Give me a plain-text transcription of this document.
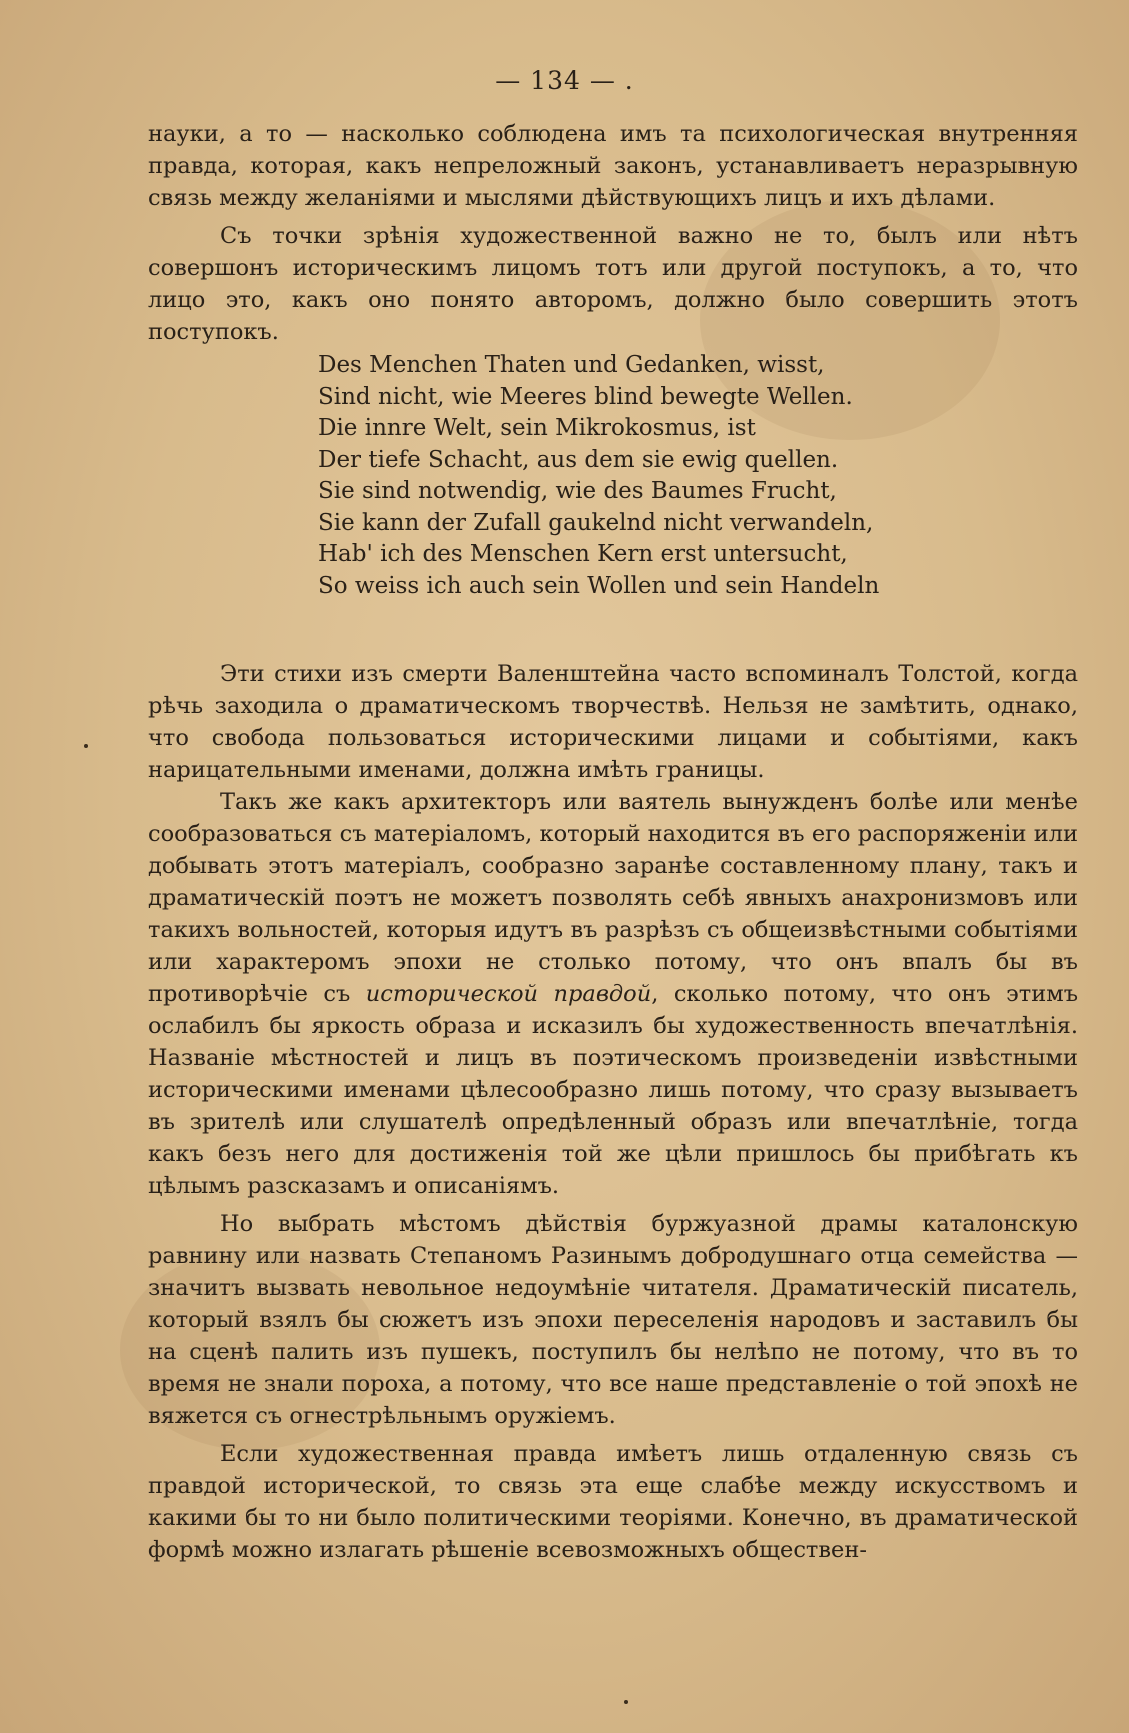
— 134 — .

науки, а то — насколько соблюдена имъ та психологическая внутренняя правда, которая, какъ непреложный законъ, устанавливаетъ неразрывную связь между желаніями и мыслями дѣйствующихъ лицъ и ихъ дѣлами.

Съ точки зрѣнія художественной важно не то, былъ или нѣтъ совершонъ историческимъ лицомъ тотъ или другой поступокъ, а то, что лицо это, какъ оно понято авторомъ, должно было совершить этотъ поступокъ.

Des Menchen Thaten und Gedanken, wisst,
Sind nicht, wie Meeres blind bewegte Wellen.
Die innre Welt, sein Mikrokosmus, ist
Der tiefe Schacht, aus dem sie ewig quellen.
Sie sind notwendig, wie des Baumes Frucht,
Sie kann der Zufall gaukelnd nicht verwandeln,
Hab' ich des Menschen Kern erst untersucht,
So weiss ich auch sein Wollen und sein Handeln

Эти стихи изъ смерти Валенштейна часто вспоминалъ Толстой, когда рѣчь заходила о драматическомъ творчествѣ. Нельзя не замѣтить, однако, что свобода пользоваться историческими лицами и событіями, какъ нарицательными именами, должна имѣть границы.

Такъ же какъ архитекторъ или ваятель вынужденъ болѣе или менѣе сообразоваться съ матеріаломъ, который находится въ его распоряженіи или добывать этотъ матеріалъ, сообразно заранѣе составленному плану, такъ и драматическій поэтъ не можетъ позволять себѣ явныхъ анахронизмовъ или такихъ вольностей, которыя идутъ въ разрѣзъ съ общеизвѣстными событіями или характеромъ эпохи не столько потому, что онъ впалъ бы въ противорѣчіе съ исторической правдой, сколько потому, что онъ этимъ ослабилъ бы яркость образа и исказилъ бы художественность впечатлѣнія. Названіе мѣстностей и лицъ въ поэтическомъ произведеніи извѣстными историческими именами цѣлесообразно лишь потому, что сразу вызываетъ въ зрителѣ или слушателѣ опредѣленный образъ или впечатлѣніе, тогда какъ безъ него для достиженія той же цѣли пришлось бы прибѣгать къ цѣлымъ разсказамъ и описаніямъ.

Но выбрать мѣстомъ дѣйствія буржуазной драмы каталонскую равнину или назвать Степаномъ Разинымъ добродушнаго отца семейства — значитъ вызвать невольное недоумѣніе читателя. Драматическій писатель, который взялъ бы сюжетъ изъ эпохи переселенія народовъ и заставилъ бы на сценѣ палить изъ пушекъ, поступилъ бы нелѣпо не потому, что въ то время не знали пороха, а потому, что все наше представленіе о той эпохѣ не вяжется съ огнестрѣльнымъ оружіемъ.

Если художественная правда имѣетъ лишь отдаленную связь съ правдой исторической, то связь эта еще слабѣе между искусствомъ и какими бы то ни было политическими теоріями. Конечно, въ драматической формѣ можно излагать рѣшеніе всевозможныхъ обществен-
